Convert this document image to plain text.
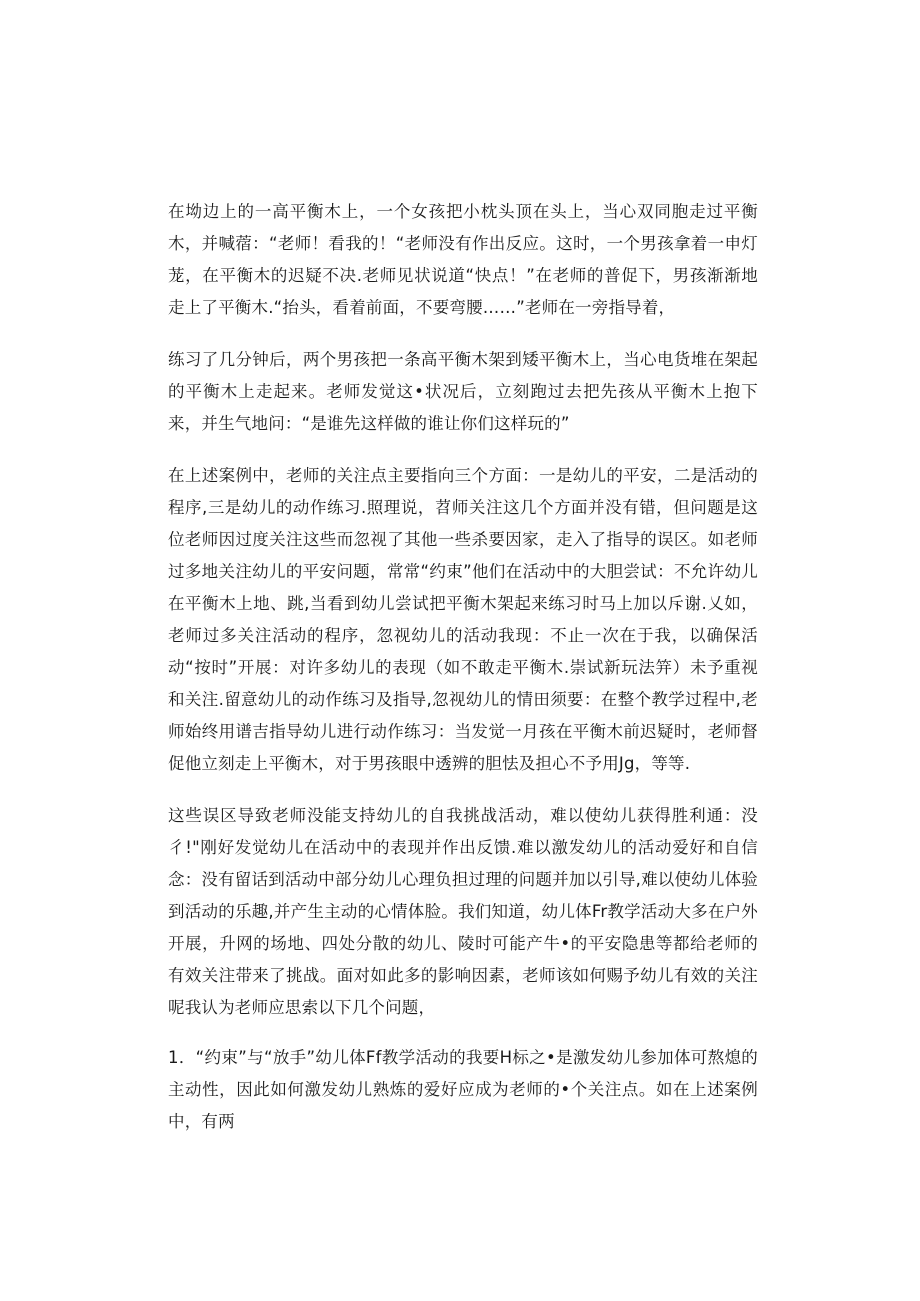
在坳边上的一高平衡木上，一个女孩把小枕头顶在头上，当心双同胞走过平衡木，并喊蓿：“老师！看我的！“老师没有作出反应。这时，一个男孩拿着一申灯茏，在平衡木的迟疑不决.老师见状说道“快点！”在老师的普促下，男孩渐渐地走上了平衡木.“抬头，看着前面，不要弯腰……”老师在一旁指导着，

练习了几分钟后，两个男孩把一条高平衡木架到矮平衡木上，当心电货堆在架起的平衡木上走起来。老师发觉这•状况后，立刻跑过去把先孩从平衡木上抱下来，并生气地问：“是谁先这样做的谁让你们这样玩的”

在上述案例中，老师的关注点主要指向三个方面：一是幼儿的平安，二是活动的程序,三是幼儿的动作练习.照理说，苕师关注这几个方面并没有错，但问题是这位老师因过度关注这些而忽视了其他一些杀要因家，走入了指导的误区。如老师过多地关注幼儿的平安问题，常常“约束”他们在活动中的大胆尝试：不允许幼儿在平衡木上地、跳,当看到幼儿尝试把平衡木架起来练习时马上加以斥谢.乂如，老师过多关注活动的程序，忽视幼儿的活动我现：不止一次在于我，以确保活动“按时”开展：对许多幼儿的表现（如不敢走平衡木.崇试新玩法笄）未予重视和关注.留意幼儿的动作练习及指导,忽视幼儿的情田须要：在整个教学过程中,老师始终用谱吉指导幼儿进行动作练习：当发觉一月孩在平衡木前迟疑时，老师督促他立刻走上平衡木，对于男孩眼中透辨的胆怯及担心不予用Jg，等等.

这些误区导致老师没能支持幼儿的自我挑战活动，难以使幼儿获得胜利通：没彳!"刚好发觉幼儿在活动中的表现并作出反馈.难以激发幼儿的活动爱好和自信念：没有留话到活动中部分幼儿心理负担过理的问题并加以引导,难以使幼儿体验到活动的乐趣,并产生主动的心情体脸。我们知道，幼儿体Fr教学活动大多在户外开展，升网的场地、四处分散的幼儿、陵时可能产牛•的平安隐患等都给老师的有效关注带来了挑战。面对如此多的影响因素，老师该如何赐予幼儿有效的关注呢我认为老师应思索以下几个问题，

1．“约束”与“放手”幼儿体Ff教学活动的我要H标之•是激发幼儿参加体可熬熄的主动性，因此如何激发幼儿熟炼的爱好应成为老师的•个关注点。如在上述案例中，有两
